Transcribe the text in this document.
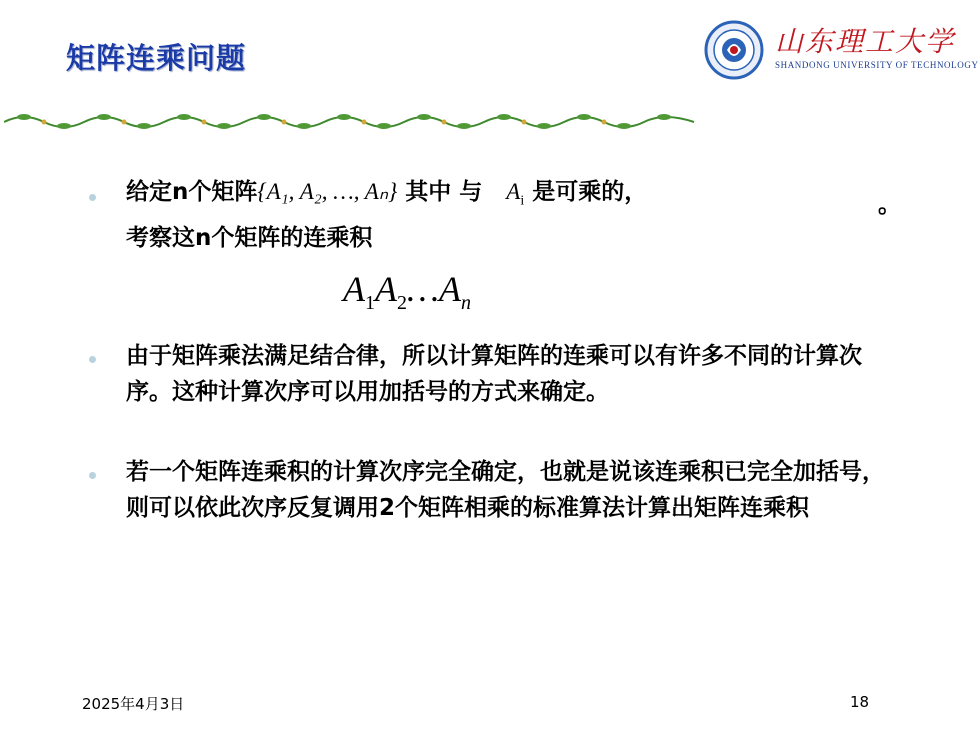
矩阵连乘问题	山东理工大学
SHANDONG UNIVERSITY OF TECHNOLOGY
给定n个矩阵{A₁, A₂, …, Aₙ} 其中 与 $A_i$ 是可乘的，
考察这n个矩阵的连乘积
。
$A_1A_2\dots A_n$
由于矩阵乘法满足结合律，所以计算矩阵的连乘可以有许多不同的计算次序。这种计算次序可以用加括号的方式来确定。
若一个矩阵连乘积的计算次序完全确定，也就是说该连乘积已完全加括号，则可以依此次序反复调用2个矩阵相乘的标准算法计算出矩阵连乘积
2025年4月3日	18
